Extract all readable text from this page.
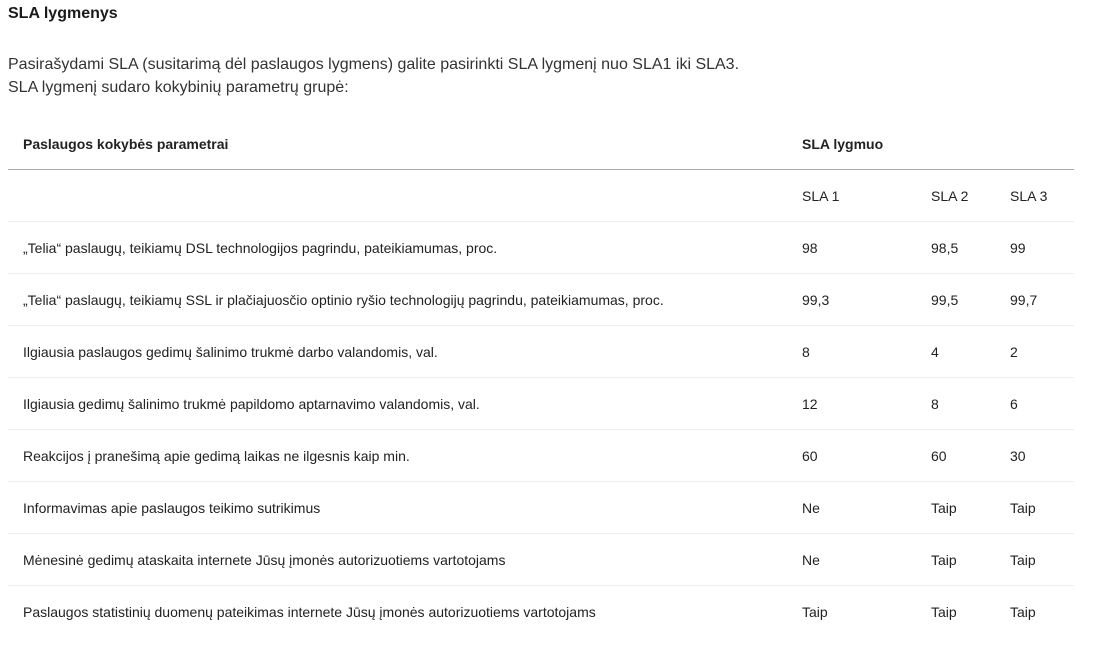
SLA lygmenys

Pasirašydami SLA (susitarimą dėl paslaugos lygmens) galite pasirinkti SLA lygmenį nuo SLA1 iki SLA3.
SLA lygmenį sudaro kokybinių parametrų grupė:

Paslaugos kokybės parametrai	SLA lygmuo		
	SLA 1	SLA 2	SLA 3
„Telia“ paslaugų, teikiamų DSL technologijos pagrindu, pateikiamumas, proc.	98	98,5	99
„Telia“ paslaugų, teikiamų SSL ir plačiajuosčio optinio ryšio technologijų pagrindu, pateikiamumas, proc.	99,3	99,5	99,7
Ilgiausia paslaugos gedimų šalinimo trukmė darbo valandomis, val.	8	4	2
Ilgiausia gedimų šalinimo trukmė papildomo aptarnavimo valandomis, val.	12	8	6
Reakcijos į pranešimą apie gedimą laikas ne ilgesnis kaip min.	60	60	30
Informavimas apie paslaugos teikimo sutrikimus	Ne	Taip	Taip
Mėnesinė gedimų ataskaita internete Jūsų įmonės autorizuotiems vartotojams	Ne	Taip	Taip
Paslaugos statistinių duomenų pateikimas internete Jūsų įmonės autorizuotiems vartotojams	Taip	Taip	Taip
